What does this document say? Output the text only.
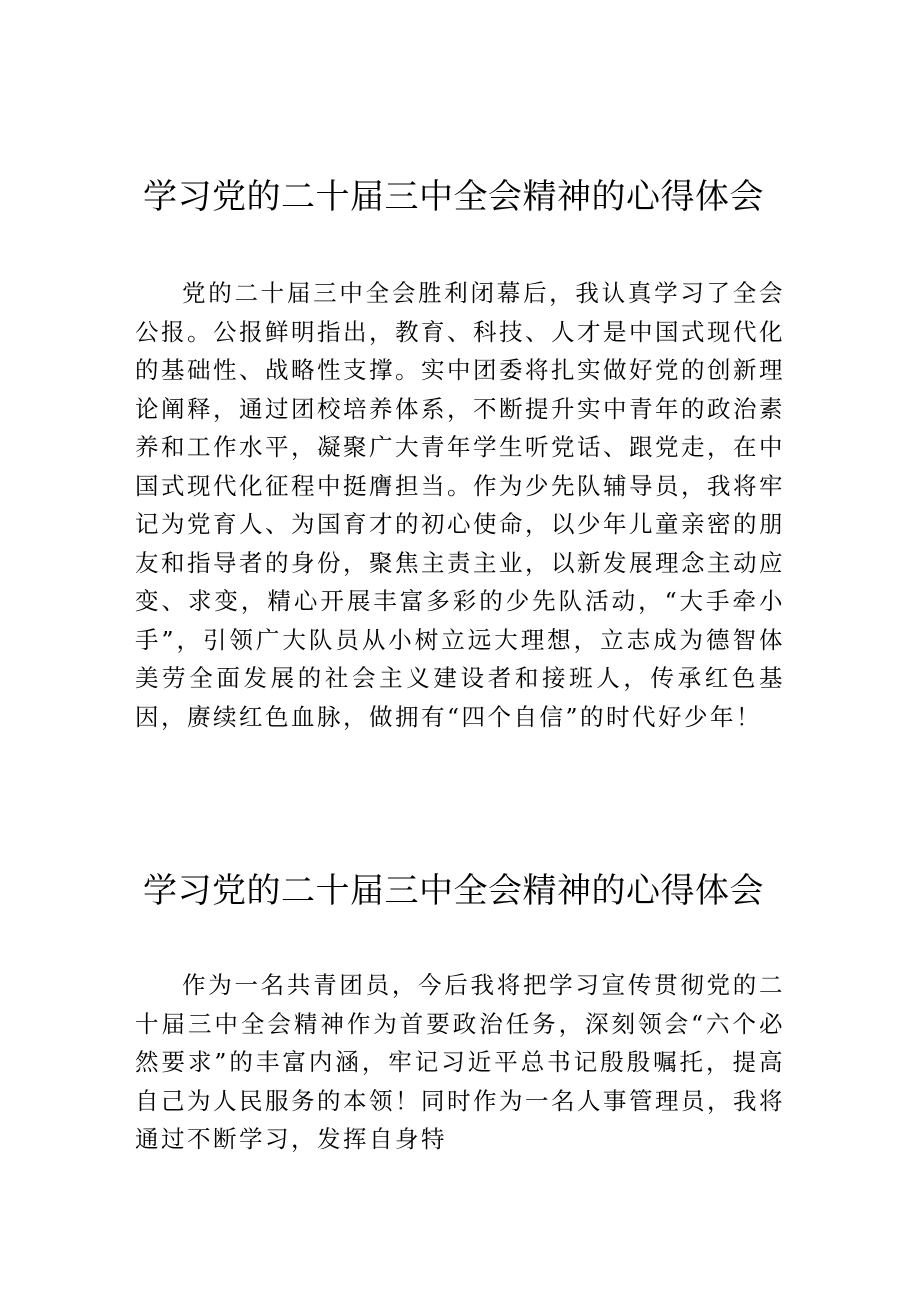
学习党的二十届三中全会精神的心得体会

党的二十届三中全会胜利闭幕后，我认真学习了全会公报。公报鲜明指出，教育、科技、人才是中国式现代化的基础性、战略性支撑。实中团委将扎实做好党的创新理论阐释，通过团校培养体系，不断提升实中青年的政治素养和工作水平，凝聚广大青年学生听党话、跟党走，在中国式现代化征程中挺膺担当。作为少先队辅导员，我将牢记为党育人、为国育才的初心使命，以少年儿童亲密的朋友和指导者的身份，聚焦主责主业，以新发展理念主动应变、求变，精心开展丰富多彩的少先队活动，“大手牵小手”，引领广大队员从小树立远大理想，立志成为德智体美劳全面发展的社会主义建设者和接班人，传承红色基因，赓续红色血脉，做拥有“四个自信”的时代好少年！

学习党的二十届三中全会精神的心得体会

作为一名共青团员，今后我将把学习宣传贯彻党的二十届三中全会精神作为首要政治任务，深刻领会“六个必然要求”的丰富内涵，牢记习近平总书记殷殷嘱托，提高自己为人民服务的本领！同时作为一名人事管理员，我将通过不断学习，发挥自身特
